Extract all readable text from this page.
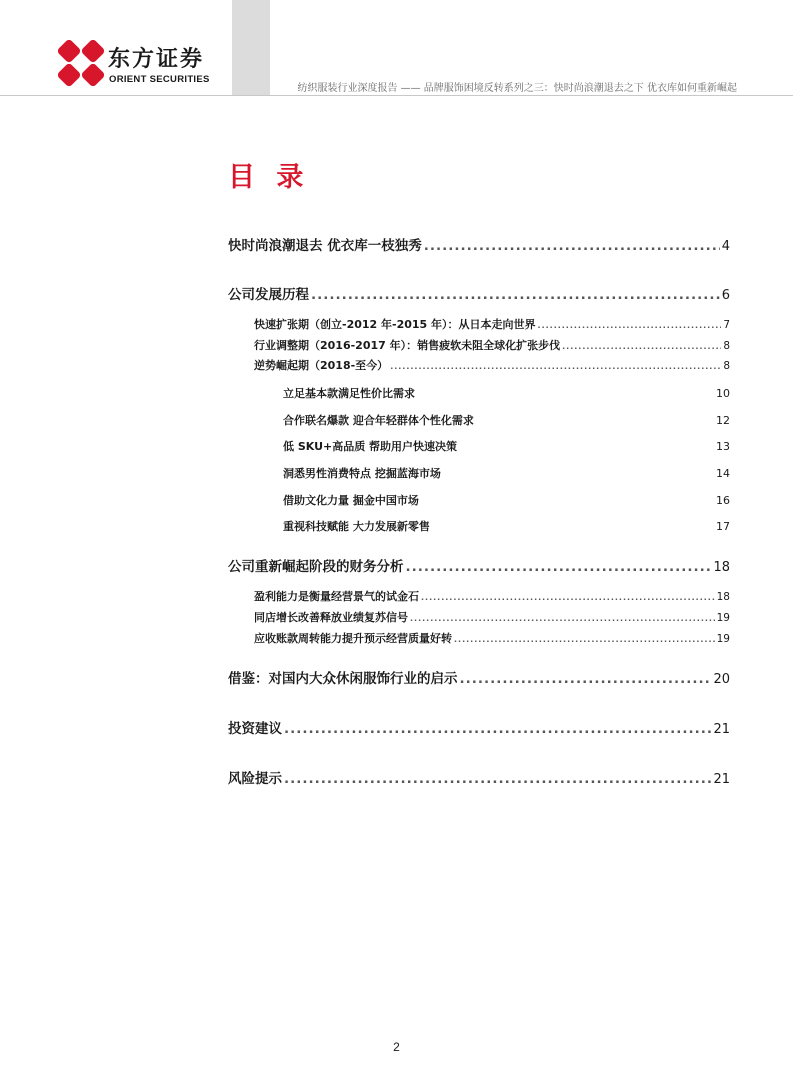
东方证券
ORIENT SECURITIES
纺织服装行业深度报告 —— 品牌服饰困境反转系列之三：快时尚浪潮退去之下 优衣库如何重新崛起
目 录
快时尚浪潮退去 优衣库一枝独秀 .....	4
公司发展历程 .....	6
快速扩张期（创立-2012 年-2015 年）：从日本走向世界 .....	7
行业调整期（2016-2017 年）：销售疲软未阻全球化扩张步伐 .....	8
逆势崛起期（2018-至今） .....	8
立足基本款满足性价比需求	10
合作联名爆款 迎合年轻群体个性化需求	12
低 SKU+高品质 帮助用户快速决策	13
洞悉男性消费特点 挖掘蓝海市场	14
借助文化力量 掘金中国市场	16
重视科技赋能 大力发展新零售	17
公司重新崛起阶段的财务分析 .....	18
盈利能力是衡量经营景气的试金石 .....	18
同店增长改善释放业绩复苏信号 .....	19
应收账款周转能力提升预示经营质量好转 .....	19
借鉴：对国内大众休闲服饰行业的启示 .....	20
投资建议 .....	21
风险提示 .....	21
2
